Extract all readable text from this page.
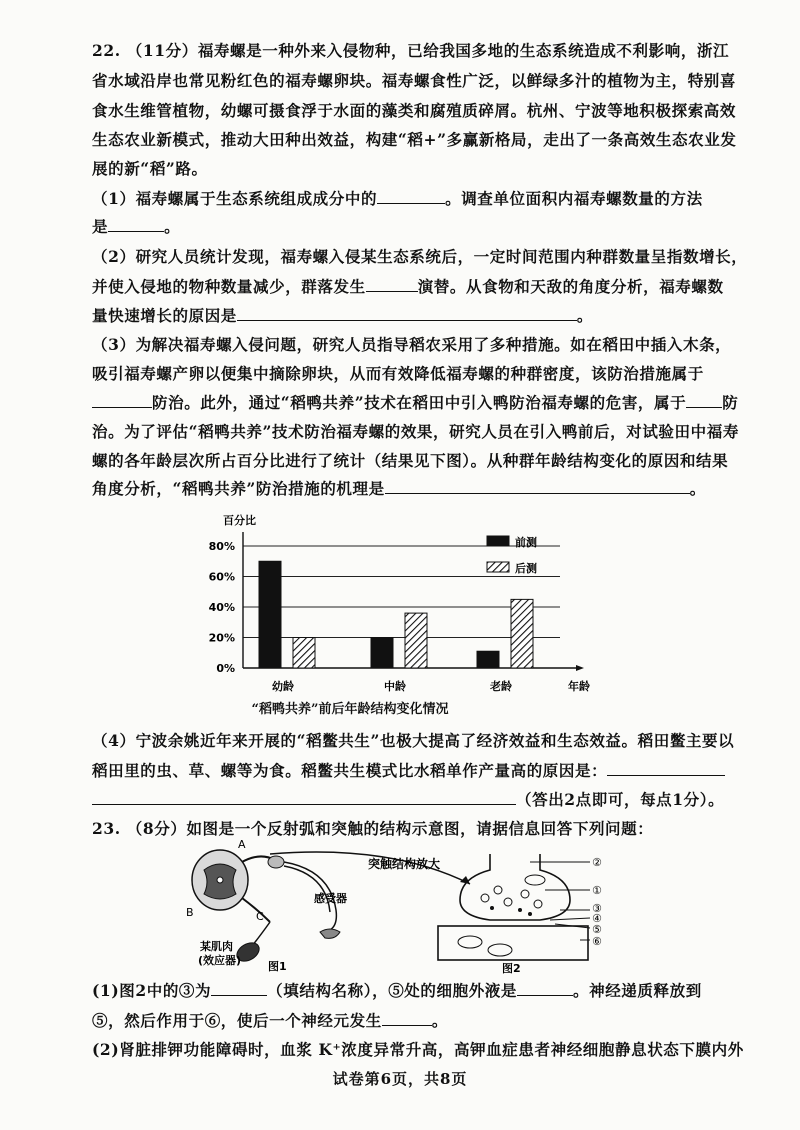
22. （11分）福寿螺是一种外来入侵物种，已给我国多地的生态系统造成不利影响，浙江
省水域沿岸也常见粉红色的福寿螺卵块。福寿螺食性广泛，以鲜绿多汁的植物为主，特别喜
食水生维管植物，幼螺可摄食浮于水面的藻类和腐殖质碎屑。杭州、宁波等地积极探索高效
生态农业新模式，推动大田种出效益，构建“稻+”多赢新格局，走出了一条高效生态农业发
展的新“稻”路。
（1）福寿螺属于生态系统组成成分中的	。调查单位面积内福寿螺数量的方法
是	。
（2）研究人员统计发现，福寿螺入侵某生态系统后，一定时间范围内种群数量呈指数增长，
并使入侵地的物种数量减少，群落发生	演替。从食物和天敌的角度分析，福寿螺数
量快速增长的原因是	。
（3）为解决福寿螺入侵问题，研究人员指导稻农采用了多种措施。如在稻田中插入木条，
吸引福寿螺产卵以便集中摘除卵块，从而有效降低福寿螺的种群密度，该防治措施属于
防治。此外，通过“稻鸭共养”技术在稻田中引入鸭防治福寿螺的危害，属于 防
治。为了评估“稻鸭共养”技术防治福寿螺的效果，研究人员在引入鸭前后，对试验田中福寿
螺的各年龄层次所占百分比进行了统计（结果见下图）。从种群年龄结构变化的原因和结果
角度分析，“稻鸭共养”防治措施的机理是	。
百分比
80%
60%
40%
20%
0%
年龄
幼龄	中龄	老龄
前测
后测
“稻鸭共养”前后年龄结构变化情况
（4）宁波余姚近年来开展的“稻鳖共生”也极大提高了经济效益和生态效益。稻田鳖主要以
稻田里的虫、草、螺等为食。稻鳖共生模式比水稻单作产量高的原因是：
（答出2点即可，每点1分）。
23. （8分）如图是一个反射弧和突触的结构示意图，请据信息回答下列问题：
A
B	C
感受器
某肌肉
(效应器) 图1
突触结构放大	②
①
③
④
⑤
⑥
图2
(1)图2中的③为	（填结构名称），⑤处的细胞外液是	。神经递质释放到
⑤，然后作用于⑥，使后一个神经元发生	。
(2)肾脏排钾功能障碍时，血浆 K⁺浓度异常升高，高钾血症患者神经细胞静息状态下膜内外
试卷第6页，共8页
